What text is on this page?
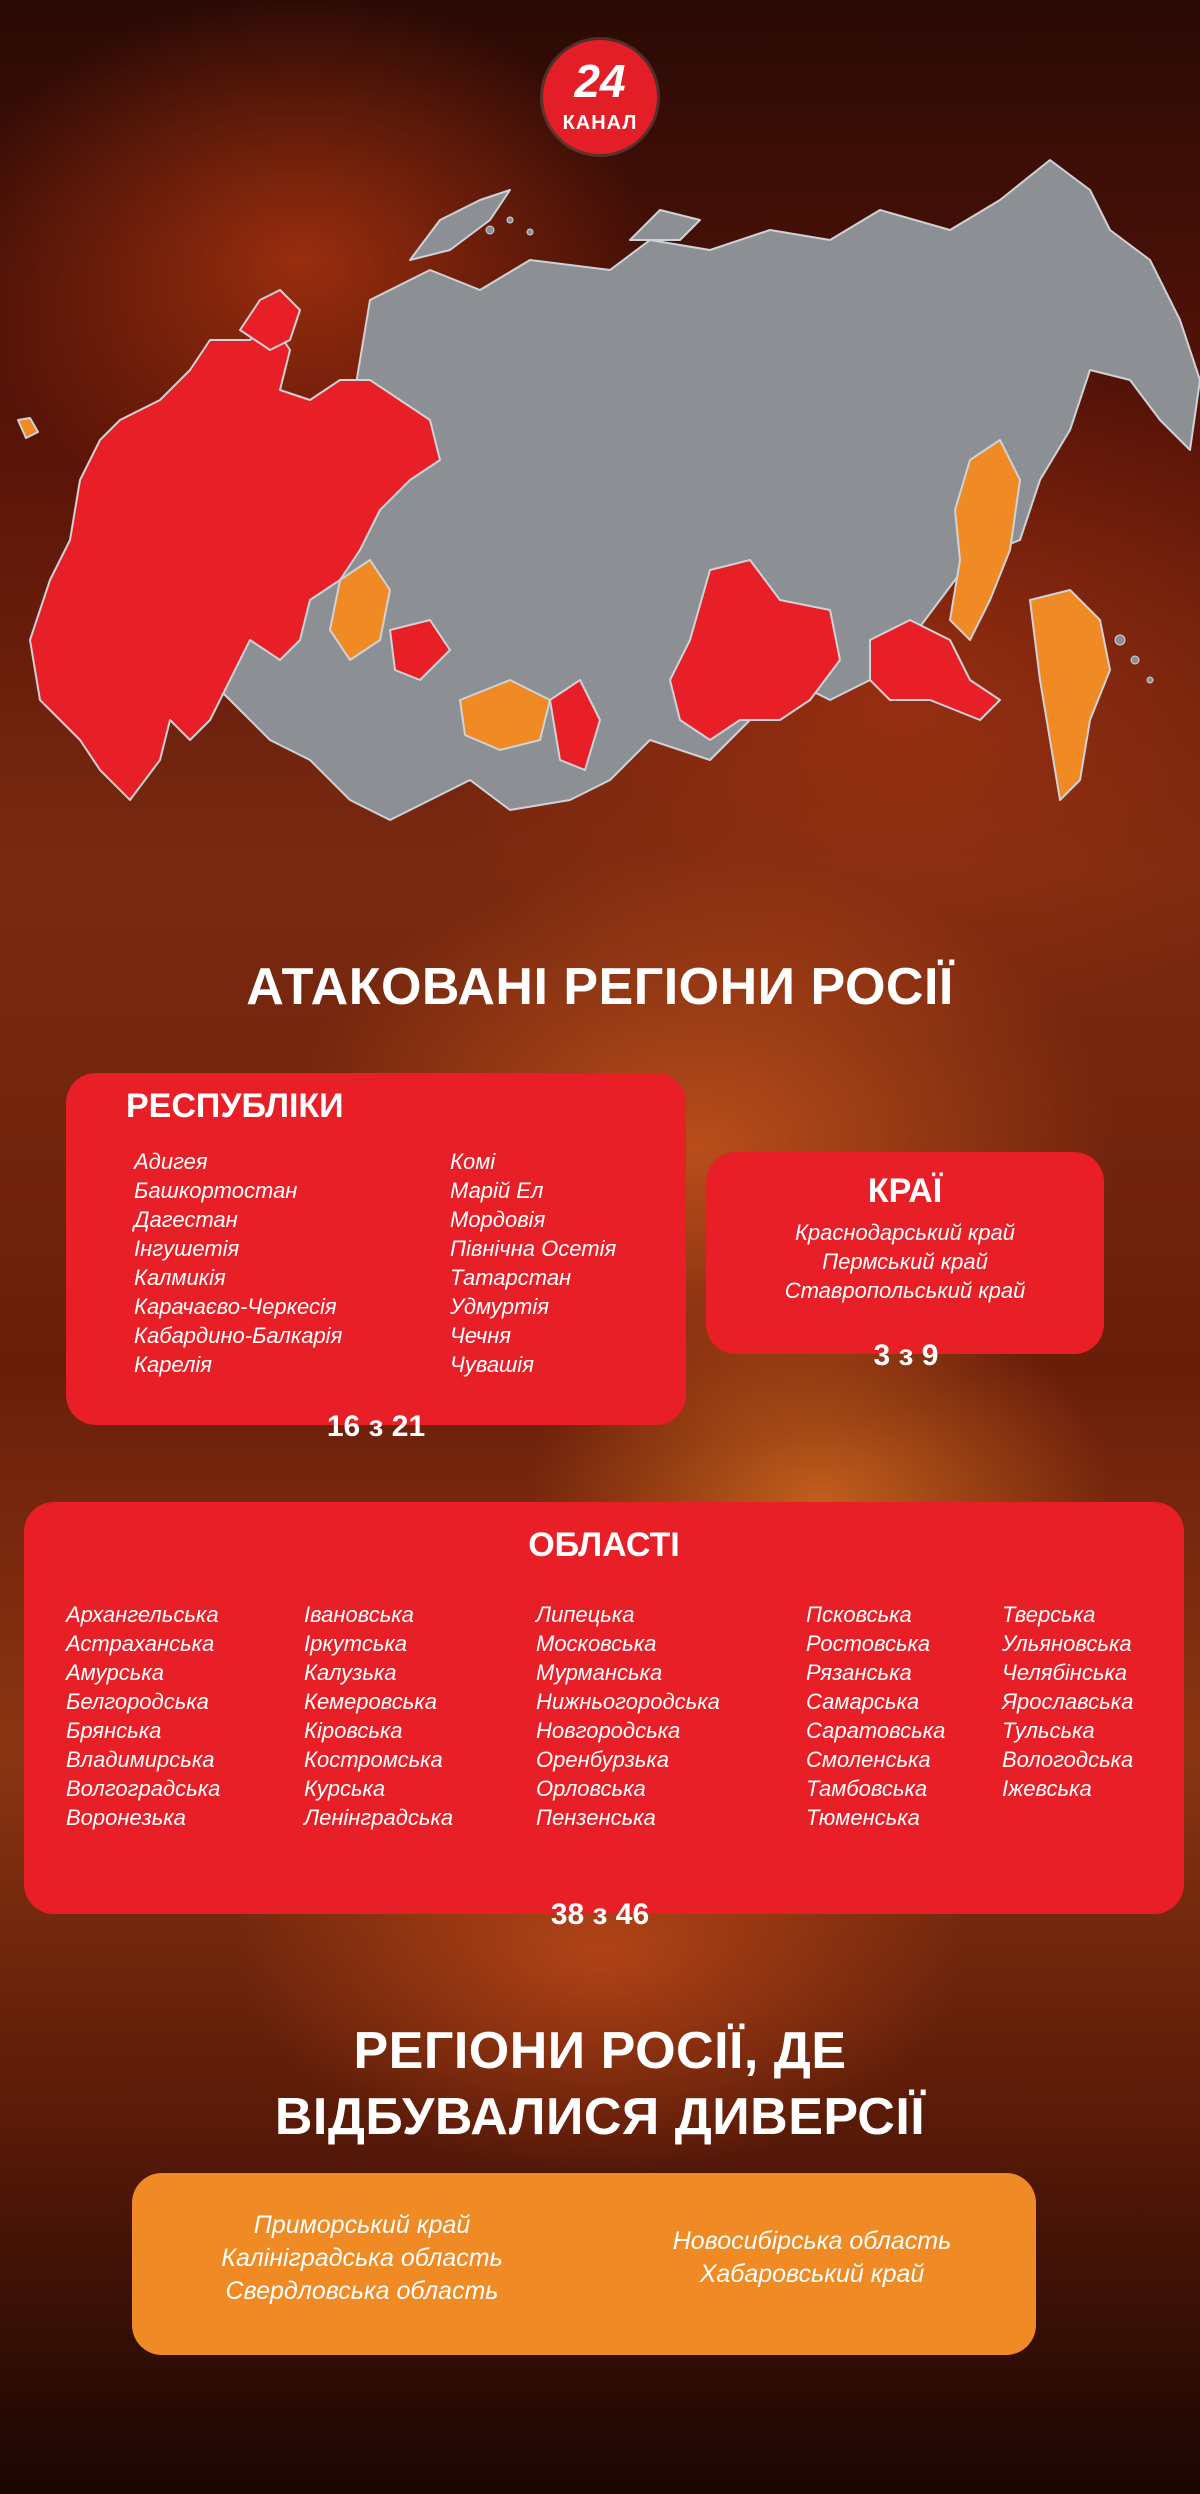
24
КАНАЛ
АТАКОВАНІ РЕГІОНИ РОСІЇ
РЕСПУБЛІКИ
Адигея
Башкортостан
Дагестан
Інгушетія
Калмикія
Карачаєво-Черкесія
Кабардино-Балкарія
Карелія
Комі
Марій Ел
Мордовія
Північна Осетія
Татарстан
Удмуртія
Чечня
Чувашія
16 з 21
КРАЇ
Краснодарський край
Пермський край
Ставропольський край
3 з 9
ОБЛАСТІ
Архангельська
Астраханська
Амурська
Белгородська
Брянська
Владимирська
Волгоградська
Воронезька
Івановська
Іркутська
Калузька
Кемеровська
Кіровська
Костромська
Курська
Ленінградська
Липецька
Московська
Мурманська
Нижньогородська
Новгородська
Оренбурзька
Орловська
Пензенська
Псковська
Ростовська
Рязанська
Самарська
Саратовська
Смоленська
Тамбовська
Тюменська
Тверська
Ульяновська
Челябінська
Ярославська
Тульська
Вологодська
Іжевська
38 з 46
РЕГІОНИ РОСІЇ, ДЕ
ВІДБУВАЛИСЯ ДИВЕРСІЇ
Приморський край
Калініградська область
Свердловська область
Новосибірська область
Хабаровський край
